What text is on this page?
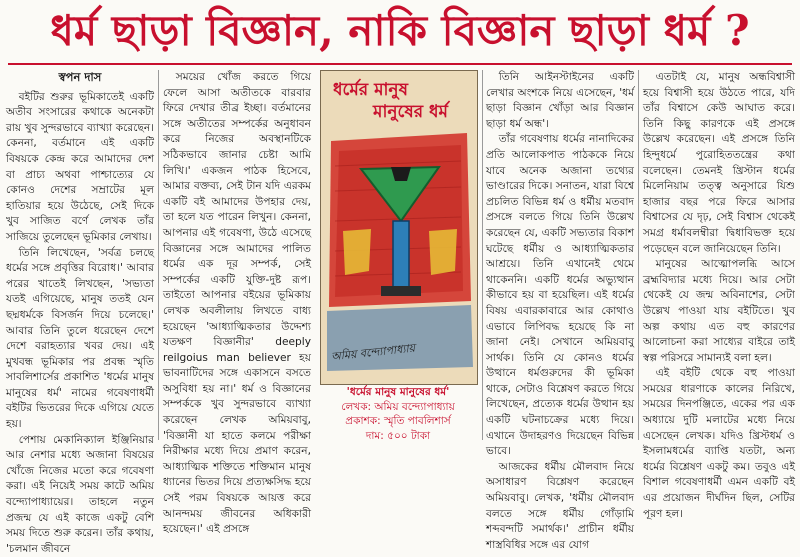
ধর্ম ছাড়া বিজ্ঞান, নাকি বিজ্ঞান ছাড়া ধর্ম ?
স্বপন দাস

বইটির শুরুর ভূমিকাতেই একটি অতীব সংসারের কথাকে অনেকটা রায় খুব সুন্দরভাবে ব্যাখ্যা করেছেন। কেননা, বর্তমানে এই একটি বিষয়কে কেন্দ্র করে আমাদের দেশ বা প্রাচ্য অথবা পাশ্চাত্যের যে কোনও দেশের সম্রাটের মূল হাতিয়ার হয়ে উঠেছে, সেই দিকে খুব সাজিত বর্ণে লেখক তাঁর সাজিয়ে তুলেছেন ভূমিকার লেখায়।

তিনি লিখেছেন, 'সর্বত্র চলছে ধর্মের সঙ্গে প্রবৃত্তির বিরোধ।' আবার পরের খাতেই লিখছেন, 'সভ্যতা যতই এগিয়েছে, মানুষ ততই যেন ছদ্মধর্মকে বিসর্জন দিয়ে চলেছে।' আবার তিনি তুলে ধরেছেন দেশে দেশে বরাহত্যার খবর দেয়। এই মুখবন্ধ ভূমিকার পর প্রবন্ধ স্মৃতি সাবলিশার্সের প্রকাশিত 'ধর্মের মানুষ মানুষের ধর্ম' নামের গবেষণাধর্মী বইটির ভিতরের দিকে এগিয়ে যেতে হয়।

পেশায় মেকানিক্যাল ইঞ্জিনিয়ার আর নেশার মধ্যে অজানা বিষয়ের খোঁজে নিজের মতো করে গবেষণা করা। এই নিয়েই সময় কাটে অমিয় বন্দ্যোপাধ্যায়ের। তাহলে নতুন প্রজন্ম যে এই কাজে একটু বেশি সময় দিতে শুরু করেন। তাঁর কথায়, 'চলমান জীবনে

সময়ের খোঁজ করতে গিয়ে ফেলে আসা অতীতকে বারবার ফিরে দেখার তীব্র ইচ্ছা। বর্তমানের সঙ্গে অতীতের সম্পর্কের অনুধাবন করে নিজের অবস্থানটিকে সঠিকভাবে জানার চেষ্টা আমি লিখি।' একজন পাঠক হিসেবে, আমার বক্তব্য, সেই টান যদি এরকম একটি বই আমাদের উপহার দেয়, তা হলে যত পারেন লিখুন। কেননা, আপনার এই গবেষণা, উঠে এসেছে বিজ্ঞানের সঙ্গে আমাদের পালিত ধর্মের এক দূর সম্পর্ক, সেই সম্পর্কের একটি যুক্তি-দুষ্ট রূপ। তাইতো আপনার বইয়ের ভূমিকায় লেখক অবলীলায় লিখতে বাধ্য হয়েছেন 'আধ্যাত্মিকতার উদ্দেশ্য যতক্ষণ বিজ্ঞানীর' deeply reilgoius man believer হয় ভাবনাটিদের সঙ্গে একাসনে বসতে অসুবিধা হয় না।' ধর্ম ও বিজ্ঞানের সম্পর্ককে খুব সুন্দরভাবে ব্যাখ্যা করেছেন লেখক অমিয়বাবু, 'বিজ্ঞানী যা হাতে কলমে পরীক্ষা নিরীক্ষার মধ্যে দিয়ে প্রমাণ করেন, আধ্যাত্মিক শক্তিতে শক্তিমান মানুষ ধ্যানের ভিতর দিয়ে প্রত্যক্ষসিদ্ধ হয়ে সেই পরম বিষয়কে আয়ত্ত করে আনন্দময় জীবনের অধিকারী হয়েছেন।' এই প্রসঙ্গে

ধর্মের মানুষ
মানুষের ধর্ম
অমিয় বন্দ্যোপাধ্যায়
'ধর্মের মানুষ মানুষের ধর্ম'
লেখক: অমিয় বন্দ্যোপাধ্যায়
প্রকাশক: স্মৃতি পাবলিশার্স
দাম: ৫০০ টাকা

তিনি আইনস্টাইনের একটি লেখার অংশকে নিয়ে এসেছেন, 'ধর্ম ছাড়া বিজ্ঞান খোঁড়া আর বিজ্ঞান ছাড়া ধর্ম অন্ধ'।

তাঁর গবেষণায় ধর্মের নানাদিকের প্রতি আলোকপাত পাঠককে নিয়ে যাবে অনেক অজানা তথ্যের ভাণ্ডারের দিকে। সনাতন, যারা বিশ্বে প্রচলিত বিভিন্ন ধর্ম ও ধর্মীয় মতবাদ প্রসঙ্গে বলতে গিয়ে তিনি উল্লেখ করেছেন যে, একটি সভ্যতার বিকাশ ঘটেছে ধর্মীয় ও আধ্যাত্মিকতার আশ্রয়ে। তিনি এখানেই থেমে থাকেননি। একটি ধর্মের অভ্যুত্থান কীভাবে হয় বা হয়েছিল। এই ধর্মের বিষয় এবারকাবারে আর কোথাও এভাবে লিপিবদ্ধ হয়েছে কি না জানা নেই। সেখানে অমিয়বাবু সার্থক। তিনি যে কোনও ধর্মের উত্থানে ধর্মগুরুদের কী ভূমিকা থাকে, সেটাও বিশ্লেষণ করতে গিয়ে লিখেছেন, প্রত্যেক ধর্মের উত্থান হয় একটি ঘটনাচক্রের মধ্যে দিয়ে। এখানে উদাহরণও দিয়েছেন বিভিন্ন ভাবে।

আজকের ধর্মীয় মৌলবাদ নিয়ে অসাধারণ বিশ্লেষণ করেছেন অমিয়বাবু। লেখক, 'ধর্মীয় মৌলবাদ বলতে সঙ্গে ধর্মীয় গোঁড়ামি শব্দবন্দটি সমার্থক।' প্রাচীন ধর্মীয় শাস্ত্রবিধির সঙ্গে এর যোগ

এতটাই যে, মানুষ অন্ধবিশ্বাসী হয়ে বিশ্বাসী হয়ে উঠতে পারে, যদি তাঁর বিশ্বাসে কেউ আঘাত করে। তিনি কিছু কারণকে এই প্রসঙ্গে উল্লেখ করেছেন। এই প্রসঙ্গে তিনি হিন্দুধর্মে পুরোহিততন্ত্রের কথা বলেছেন। তেমনই খ্রিস্টান ধর্মের মিলেনিয়াম তত্ত্ব অনুসারে যিশু হাজার বছর পরে ফিরে আসার বিশ্বাসের যে দৃঢ়, সেই বিশ্বাস থেকেই সমগ্র ধর্মাবলম্বীরা দ্বিধাবিভক্ত হয়ে পড়েছেন বলে জানিয়েছেন তিনি।

মানুষের আত্মোপলব্ধি আসে ব্রহ্মবিদ্যার মধ্যে দিয়ে। আর সেটা থেকেই যে জন্ম অবিনাশের, সেটা উল্লেখ পাওয়া যায় বইটিতে। খুব অল্প কথায় এত বহু কারণের আলোচনা করা সাধ্যের বাইরে তাই স্বল্প পরিসরে সামান্যই বলা হল।

এই বইটি থেকে বহু পাওয়া সময়ের ধারণাকে কালের নিরিখে, সময়ের দিনপঞ্জিতে, একের পর এক অধ্যায়ে দুটি মলাটের মধ্যে নিয়ে এসেছেন লেখক। যদিও খ্রিস্টধর্ম ও ইসলামধর্মের ব্যাপ্তি যতটা, অন্য ধর্মের বিশ্লেষণ একটু কম। তবুও এই বিশাল গবেষণাধর্মী এমন একটি বই এর প্রয়োজন দীর্ঘদিন ছিল, সেটির পূরণ হল।
